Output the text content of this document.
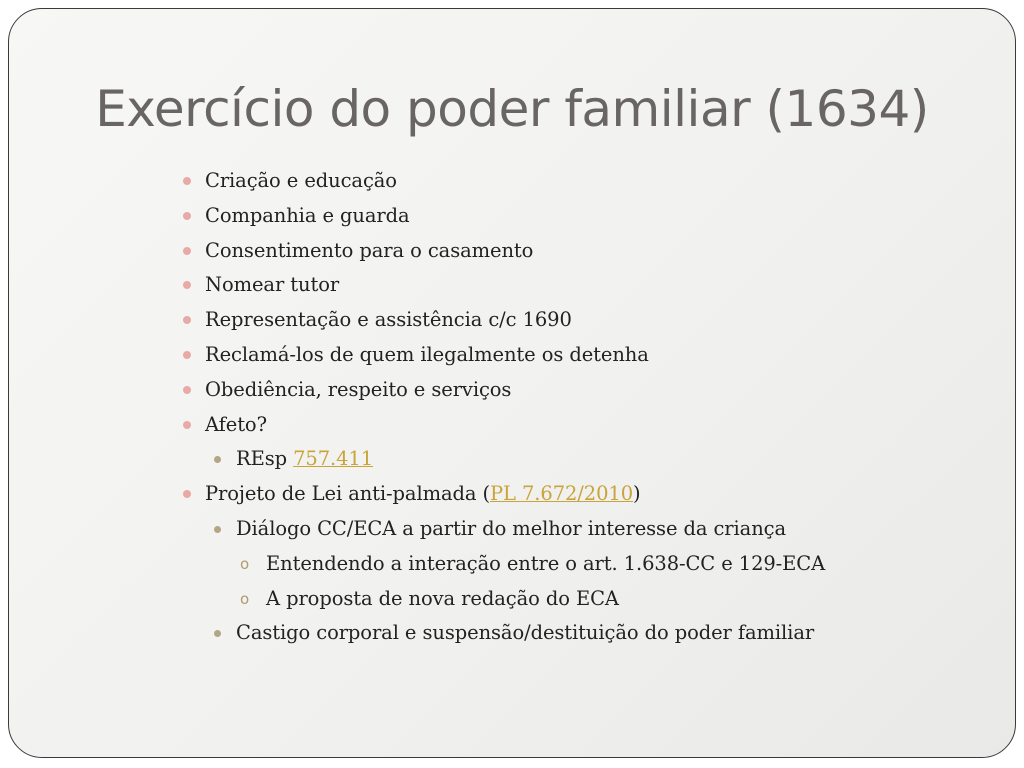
Exercício do poder familiar (1634)
Criação e educação
Companhia e guarda
Consentimento para o casamento
Nomear tutor
Representação e assistência c/c 1690
Reclamá-los de quem ilegalmente os detenha
Obediência, respeito e serviços
Afeto?
REsp 757.411
Projeto de Lei anti-palmada (PL 7.672/2010)
Diálogo CC/ECA a partir do melhor interesse da criança
o Entendendo a interação entre o art. 1.638-CC e 129-ECA
o A proposta de nova redação do ECA
Castigo corporal e suspensão/destituição do poder familiar
